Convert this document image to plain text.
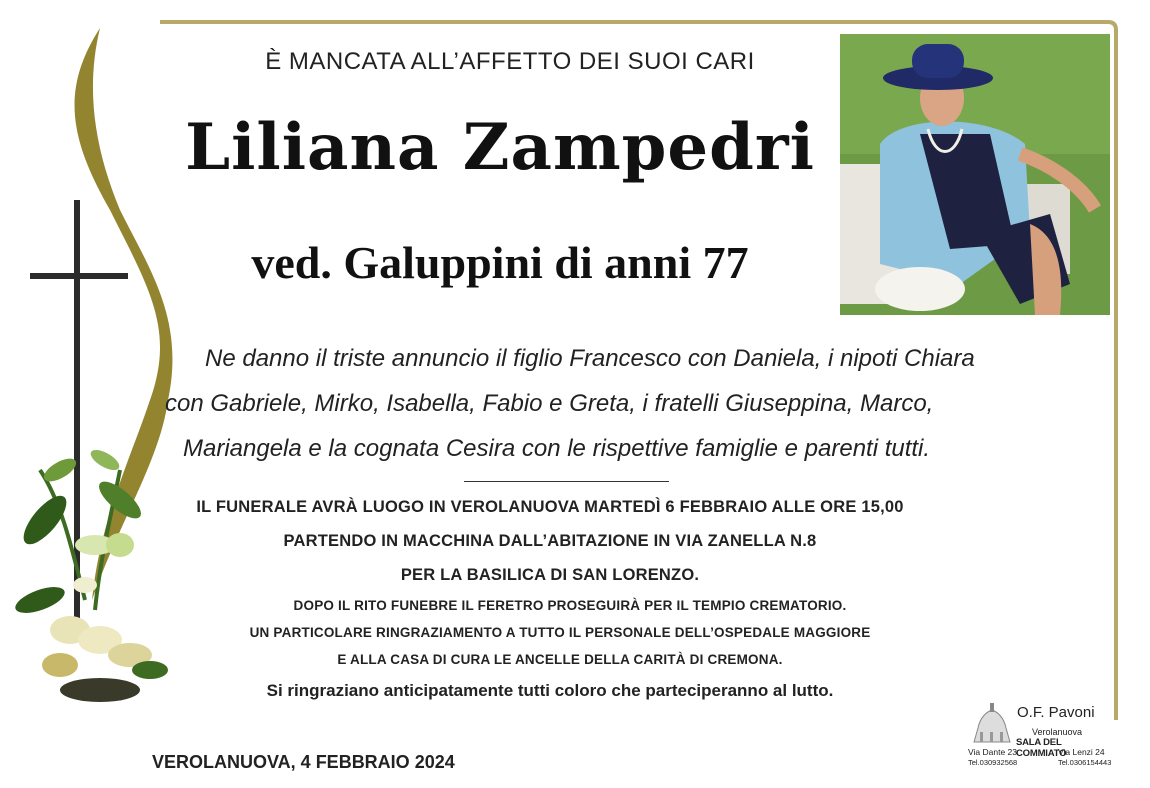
È MANCATA ALL’AFFETTO DEI SUOI CARI
Liliana Zampedri
ved. Galuppini di anni 77
Ne danno il triste annuncio il figlio Francesco con Daniela, i nipoti Chiara
con Gabriele, Mirko, Isabella, Fabio e Greta, i fratelli Giuseppina, Marco,
Mariangela e la cognata Cesira con le rispettive famiglie e parenti tutti.
IL FUNERALE AVRÀ LUOGO IN VEROLANUOVA MARTEDÌ 6 FEBBRAIO ALLE ORE 15,00
PARTENDO IN MACCHINA DALL’ABITAZIONE IN VIA ZANELLA N.8
PER LA BASILICA DI SAN LORENZO.
DOPO IL RITO FUNEBRE IL FERETRO PROSEGUIRÀ PER IL TEMPIO CREMATORIO.
UN PARTICOLARE RINGRAZIAMENTO A TUTTO IL PERSONALE DELL’OSPEDALE MAGGIORE
E ALLA CASA DI CURA LE ANCELLE DELLA CARITÀ DI CREMONA.
Si ringraziano anticipatamente tutti coloro che parteciperanno al lutto.
VEROLANUOVA, 4 FEBBRAIO 2024
O.F. Pavoni
Verolanuova
SALA DEL COMMIATO
Via Dante 23
Tel.030932568
Via Lenzi 24
Tel.0306154443
